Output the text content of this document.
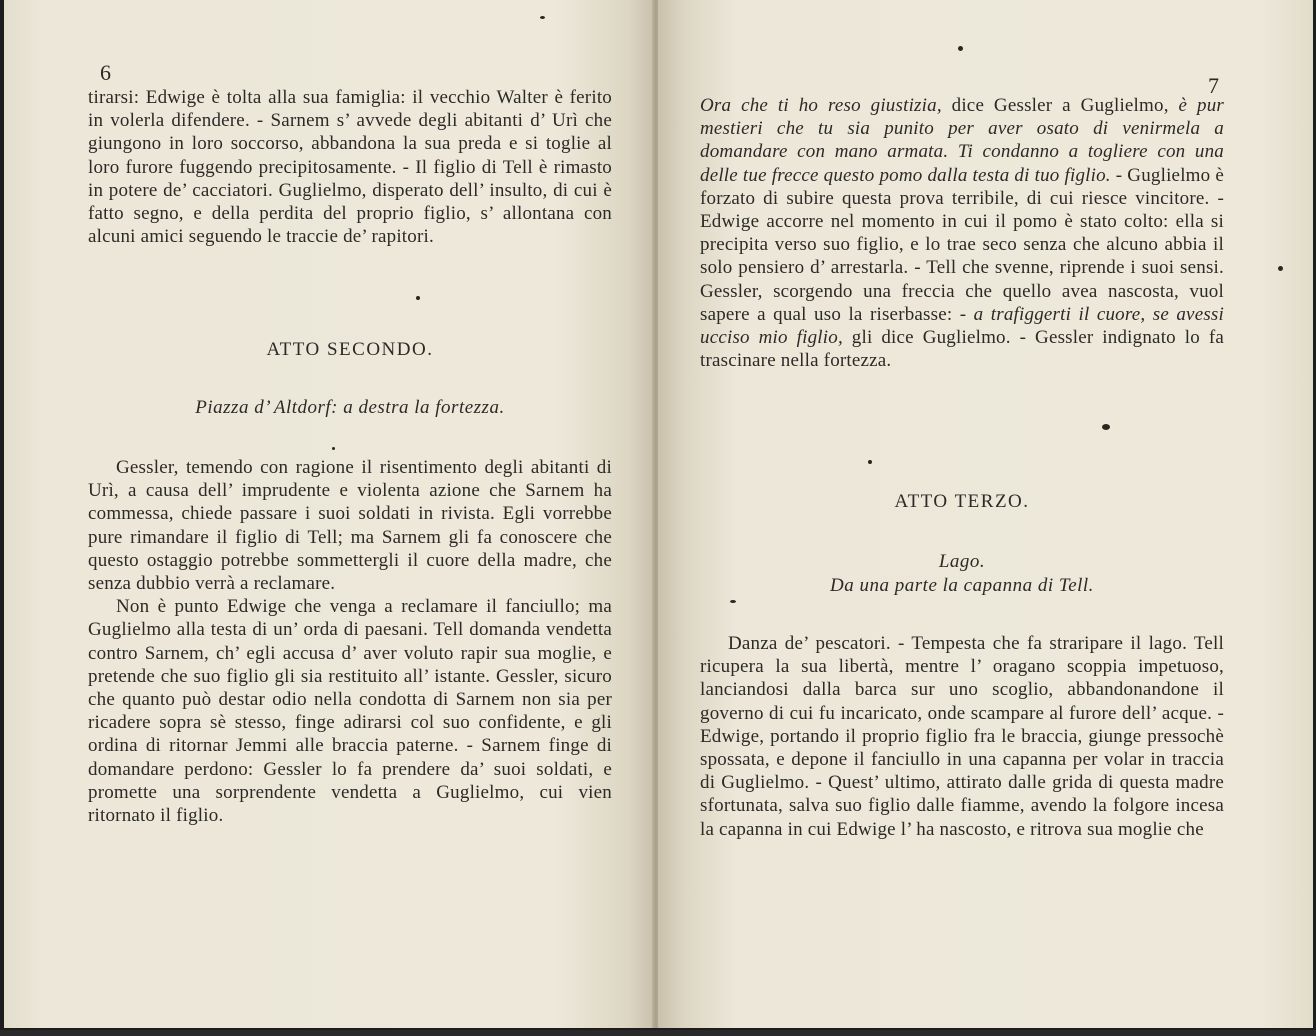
6

tirarsi: Edwige è tolta alla sua famiglia: il vecchio Walter è ferito in volerla difendere. - Sarnem s’ avvede degli abitanti d’ Urì che giungono in loro soccorso, abbandona la sua preda e si toglie al loro furore fuggendo precipitosamente. - Il figlio di Tell è rimasto in potere de’ cacciatori. Guglielmo, disperato dell’ insulto, di cui è fatto segno, e della perdita del proprio figlio, s’ allontana con alcuni amici seguendo le traccie de’ rapitori.

ATTO SECONDO.
Piazza d’ Altdorf: a destra la fortezza.

Gessler, temendo con ragione il risentimento degli abitanti di Urì, a causa dell’ imprudente e violenta azione che Sarnem ha commessa, chiede passare i suoi soldati in rivista. Egli vorrebbe pure rimandare il figlio di Tell; ma Sarnem gli fa conoscere che questo ostaggio potrebbe sommettergli il cuore della madre, che senza dubbio verrà a reclamare.

Non è punto Edwige che venga a reclamare il fanciullo; ma Guglielmo alla testa di un’ orda di paesani. Tell domanda vendetta contro Sarnem, ch’ egli accusa d’ aver voluto rapir sua moglie, e pretende che suo figlio gli sia restituito all’ istante. Gessler, sicuro che quanto può destar odio nella condotta di Sarnem non sia per ricadere sopra sè stesso, finge adirarsi col suo confidente, e gli ordina di ritornar Jemmi alle braccia paterne. - Sarnem finge di domandare perdono: Gessler lo fa prendere da’ suoi soldati, e promette una sorprendente vendetta a Guglielmo, cui vien ritornato il figlio.

7

Ora che ti ho reso giustizia, dice Gessler a Guglielmo, è pur mestieri che tu sia punito per aver osato di venirmela a domandare con mano armata. Ti condanno a togliere con una delle tue frecce questo pomo dalla testa di tuo figlio. - Guglielmo è forzato di subire questa prova terribile, di cui riesce vincitore. - Edwige accorre nel momento in cui il pomo è stato colto: ella si precipita verso suo figlio, e lo trae seco senza che alcuno abbia il solo pensiero d’ arrestarla. - Tell che svenne, riprende i suoi sensi. Gessler, scorgendo una freccia che quello avea nascosta, vuol sapere a qual uso la riserbasse: - a trafiggerti il cuore, se avessi ucciso mio figlio, gli dice Guglielmo. - Gessler indignato lo fa trascinare nella fortezza.

ATTO TERZO.
Lago.
Da una parte la capanna di Tell.

Danza de’ pescatori. - Tempesta che fa straripare il lago. Tell ricupera la sua libertà, mentre l’ oragano scoppia impetuoso, lanciandosi dalla barca sur uno scoglio, abbandonandone il governo di cui fu incaricato, onde scampare al furore dell’ acque. - Edwige, portando il proprio figlio fra le braccia, giunge pressochè spossata, e depone il fanciullo in una capanna per volar in traccia di Guglielmo. - Quest’ ultimo, attirato dalle grida di questa madre sfortunata, salva suo figlio dalle fiamme, avendo la folgore incesa la capanna in cui Edwige l’ ha nascosto, e ritrova sua moglie che
